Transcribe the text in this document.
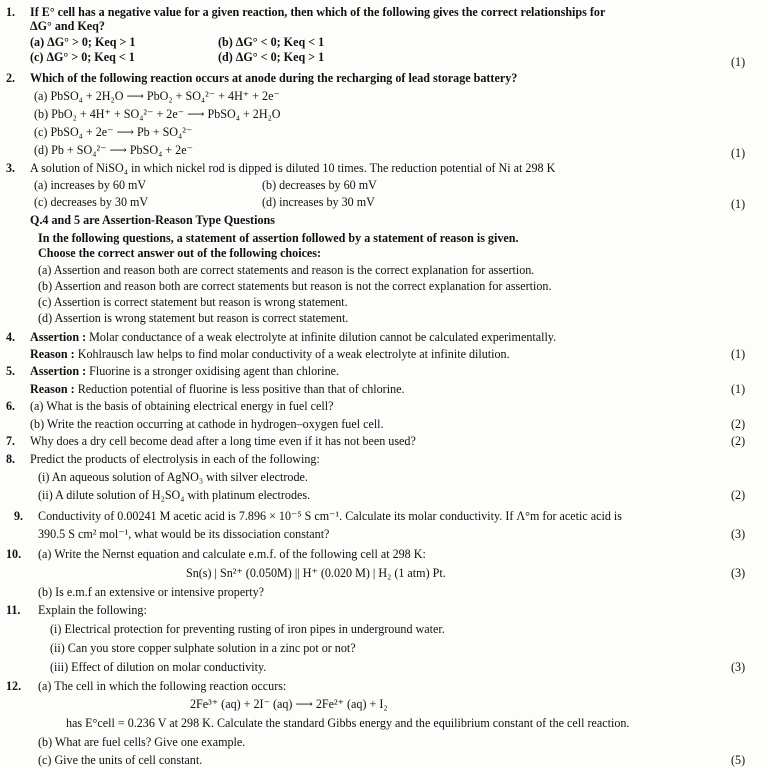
1. If E° cell has a negative value for a given reaction, then which of the following gives the correct relationships for
ΔG° and Keq?
(a) ΔG° > 0; Keq > 1	(b) ΔG° < 0; Keq < 1
(c) ΔG° > 0; Keq < 1	(d) ΔG° < 0; Keq > 1	(1)
2. Which of the following reaction occurs at anode during the recharging of lead storage battery?
(a) PbSO₄ + 2H₂O ⟶ PbO₂ + SO₄²⁻ + 4H⁺ + 2e⁻
(b) PbO₂ + 4H⁺ + SO₄²⁻ + 2e⁻ ⟶ PbSO₄ + 2H₂O
(c) PbSO₄ + 2e⁻ ⟶ Pb + SO₄²⁻
(d) Pb + SO₄²⁻ ⟶ PbSO₄ + 2e⁻	(1)
3. A solution of NiSO₄ in which nickel rod is dipped is diluted 10 times. The reduction potential of Ni at 298 K
(a) increases by 60 mV	(b) decreases by 60 mV
(c) decreases by 30 mV	(d) increases by 30 mV	(1)
Q.4 and 5 are Assertion-Reason Type Questions
In the following questions, a statement of assertion followed by a statement of reason is given.
Choose the correct answer out of the following choices:
(a) Assertion and reason both are correct statements and reason is the correct explanation for assertion.
(b) Assertion and reason both are correct statements but reason is not the correct explanation for assertion.
(c) Assertion is correct statement but reason is wrong statement.
(d) Assertion is wrong statement but reason is correct statement.
4. Assertion : Molar conductance of a weak electrolyte at infinite dilution cannot be calculated experimentally.
Reason : Kohlrausch law helps to find molar conductivity of a weak electrolyte at infinite dilution.	(1)
5. Assertion : Fluorine is a stronger oxidising agent than chlorine.
Reason : Reduction potential of fluorine is less positive than that of chlorine.	(1)
6. (a) What is the basis of obtaining electrical energy in fuel cell?
(b) Write the reaction occurring at cathode in hydrogen–oxygen fuel cell.	(2)
7. Why does a dry cell become dead after a long time even if it has not been used?	(2)
8. Predict the products of electrolysis in each of the following:
(i) An aqueous solution of AgNO₃ with silver electrode.
(ii) A dilute solution of H₂SO₄ with platinum electrodes.	(2)
9. Conductivity of 0.00241 M acetic acid is 7.896 × 10⁻⁵ S cm⁻¹. Calculate its molar conductivity. If Λ°m for acetic acid is
390.5 S cm² mol⁻¹, what would be its dissociation constant?	(3)
10. (a) Write the Nernst equation and calculate e.m.f. of the following cell at 298 K:
Sn(s) | Sn²⁺ (0.050M) || H⁺ (0.020 M) | H₂ (1 atm) Pt.
(b) Is e.m.f an extensive or intensive property?
(3)
11. Explain the following:
(i) Electrical protection for preventing rusting of iron pipes in underground water.
(ii) Can you store copper sulphate solution in a zinc pot or not?
(iii) Effect of dilution on molar conductivity.	(3)
12. (a) The cell in which the following reaction occurs:
2Fe³⁺ (aq) + 2I⁻ (aq) ⟶ 2Fe²⁺ (aq) + I₂
has E°cell = 0.236 V at 298 K. Calculate the standard Gibbs energy and the equilibrium constant of the cell reaction.
(b) What are fuel cells? Give one example.
(c) Give the units of cell constant.	(5)
